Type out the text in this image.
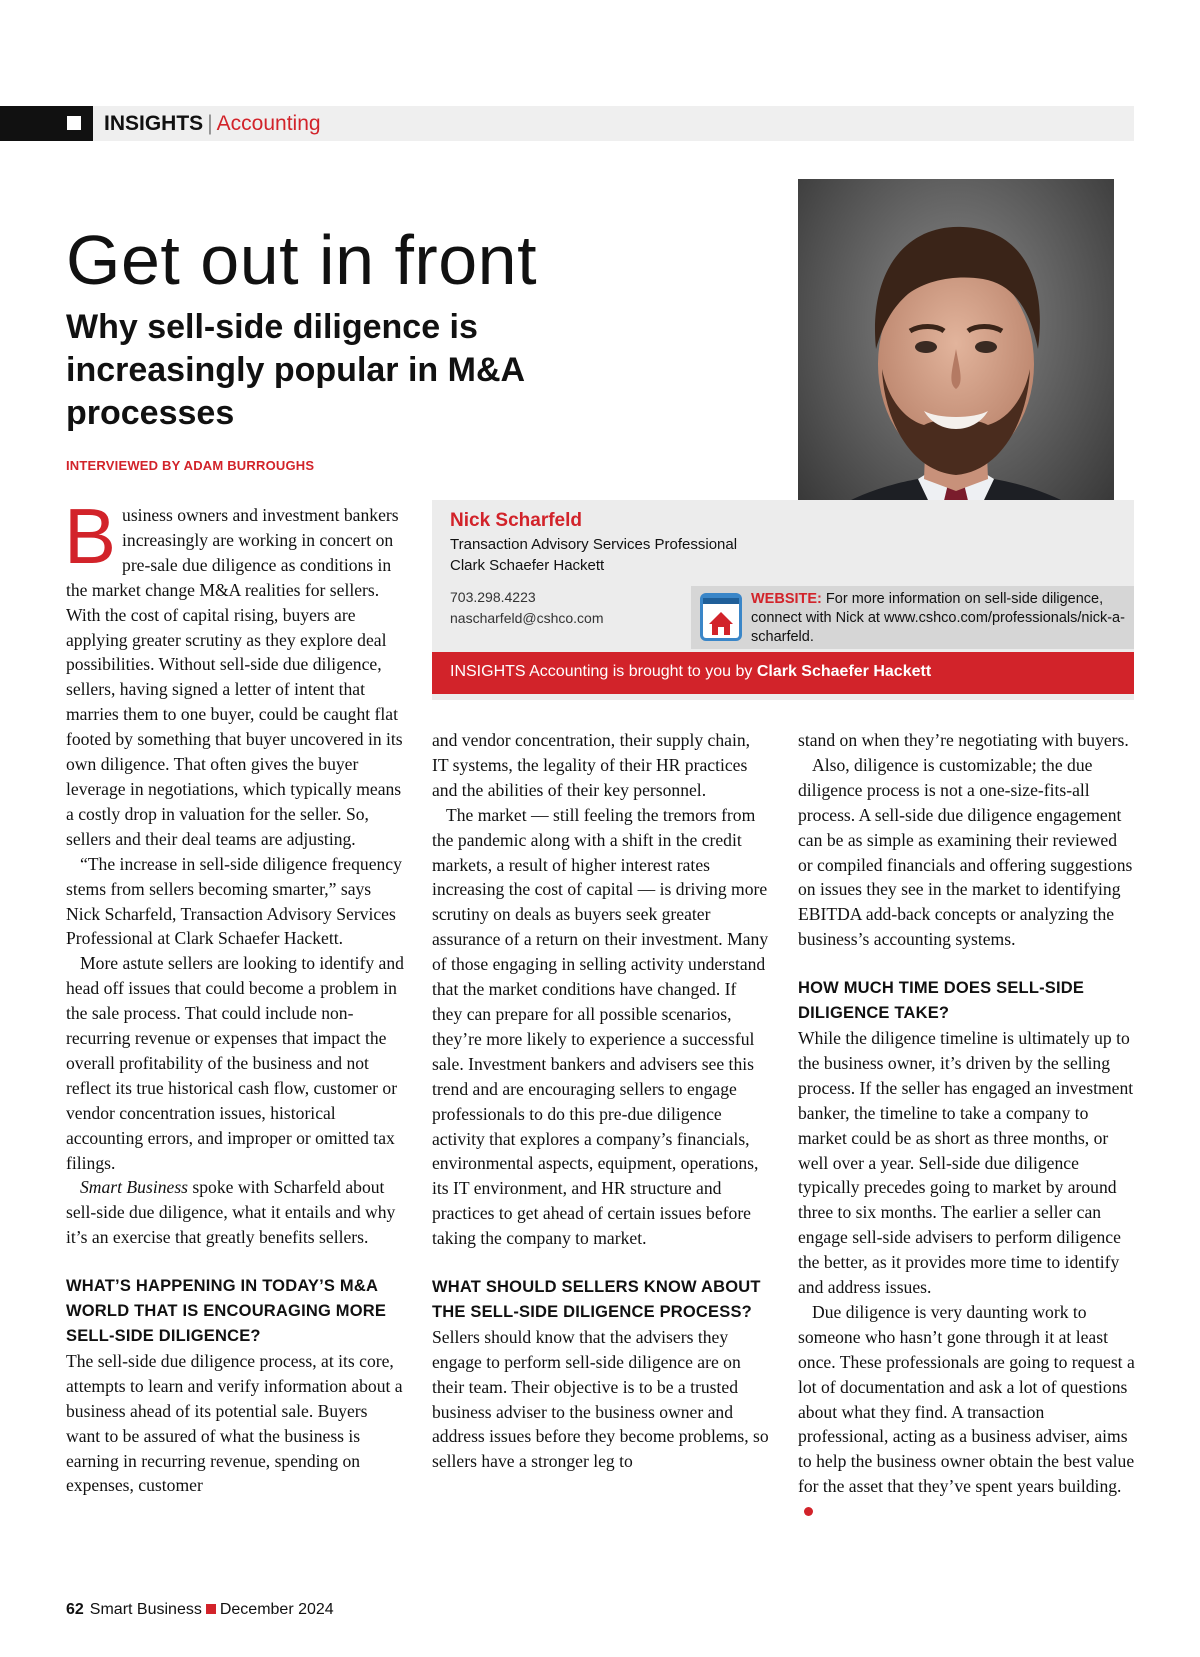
INSIGHTS | Accounting
Get out in front
Why sell-side diligence is increasingly popular in M&A processes
INTERVIEWED BY ADAM BURROUGHS
Nick Scharfeld
Transaction Advisory Services Professional
Clark Schaefer Hackett
703.298.4223
nascharfeld@cshco.com
WEBSITE: For more information on sell-side diligence, connect with Nick at www.cshco.com/professionals/nick-a-scharfeld.
INSIGHTS Accounting is brought to you by Clark Schaefer Hackett

Business owners and investment bankers increasingly are working in concert on pre-sale due diligence as conditions in the market change M&A realities for sellers. With the cost of capital rising, buyers are applying greater scrutiny as they explore deal possibilities. Without sell-side due diligence, sellers, having signed a letter of intent that marries them to one buyer, could be caught flat footed by something that buyer uncovered in its own diligence. That often gives the buyer leverage in negotiations, which typically means a costly drop in valuation for the seller. So, sellers and their deal teams are adjusting.

“The increase in sell-side diligence frequency stems from sellers becoming smarter,” says Nick Scharfeld, Transaction Advisory Services Professional at Clark Schaefer Hackett.

More astute sellers are looking to identify and head off issues that could become a problem in the sale process. That could include non-recurring revenue or expenses that impact the overall profitability of the business and not reflect its true historical cash flow, customer or vendor concentration issues, historical accounting errors, and improper or omitted tax filings.

Smart Business spoke with Scharfeld about sell-side due diligence, what it entails and why it’s an exercise that greatly benefits sellers.

WHAT’S HAPPENING IN TODAY’S M&A WORLD THAT IS ENCOURAGING MORE SELL-SIDE DILIGENCE?

The sell-side due diligence process, at its core, attempts to learn and verify information about a business ahead of its potential sale. Buyers want to be assured of what the business is earning in recurring revenue, spending on expenses, customer

and vendor concentration, their supply chain, IT systems, the legality of their HR practices and the abilities of their key personnel.

The market — still feeling the tremors from the pandemic along with a shift in the credit markets, a result of higher interest rates increasing the cost of capital — is driving more scrutiny on deals as buyers seek greater assurance of a return on their investment. Many of those engaging in selling activity understand that the market conditions have changed. If they can prepare for all possible scenarios, they’re more likely to experience a successful sale. Investment bankers and advisers see this trend and are encouraging sellers to engage professionals to do this pre-due diligence activity that explores a company’s financials, environmental aspects, equipment, operations, its IT environment, and HR structure and practices to get ahead of certain issues before taking the company to market.

WHAT SHOULD SELLERS KNOW ABOUT THE SELL-SIDE DILIGENCE PROCESS?

Sellers should know that the advisers they engage to perform sell-side diligence are on their team. Their objective is to be a trusted business adviser to the business owner and address issues before they become problems, so sellers have a stronger leg to

stand on when they’re negotiating with buyers.

Also, diligence is customizable; the due diligence process is not a one-size-fits-all process. A sell-side due diligence engagement can be as simple as examining their reviewed or compiled financials and offering suggestions on issues they see in the market to identifying EBITDA add-back concepts or analyzing the business’s accounting systems.

HOW MUCH TIME DOES SELL-SIDE DILIGENCE TAKE?

While the diligence timeline is ultimately up to the business owner, it’s driven by the selling process. If the seller has engaged an investment banker, the timeline to take a company to market could be as short as three months, or well over a year. Sell-side due diligence typically precedes going to market by around three to six months. The earlier a seller can engage sell-side advisers to perform diligence the better, as it provides more time to identify and address issues.

Due diligence is very daunting work to someone who hasn’t gone through it at least once. These professionals are going to request a lot of documentation and ask a lot of questions about what they find. A transaction professional, acting as a business adviser, aims to help the business owner obtain the best value for the asset that they’ve spent years building.

62 Smart Business December 2024
